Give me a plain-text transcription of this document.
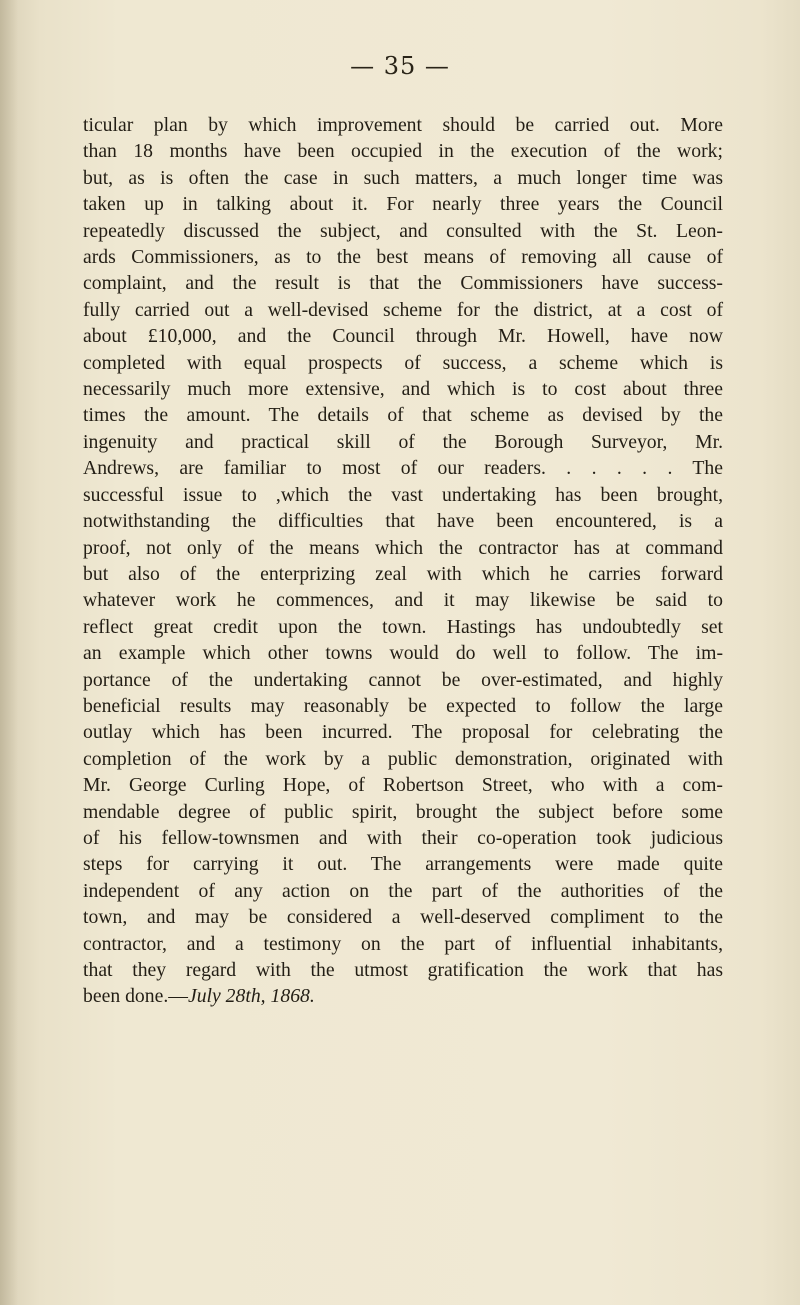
— 35 —
ticular plan by which improvement should be carried out. More
than 18 months have been occupied in the execution of the work;
but, as is often the case in such matters, a much longer time was
taken up in talking about it. For nearly three years the Council
repeatedly discussed the subject, and consulted with the St. Leon-
ards Commissioners, as to the best means of removing all cause of
complaint, and the result is that the Commissioners have success-
fully carried out a well-devised scheme for the district, at a cost of
about £10,000, and the Council through Mr. Howell, have now
completed with equal prospects of success, a scheme which is
necessarily much more extensive, and which is to cost about three
times the amount. The details of that scheme as devised by the
ingenuity and practical skill of the Borough Surveyor, Mr.
Andrews, are familiar to most of our readers. . . . . . The
successful issue to ,which the vast undertaking has been brought,
notwithstanding the difficulties that have been encountered, is a
proof, not only of the means which the contractor has at command
but also of the enterprizing zeal with which he carries forward
whatever work he commences, and it may likewise be said to
reflect great credit upon the town. Hastings has undoubtedly set
an example which other towns would do well to follow. The im-
portance of the undertaking cannot be over-estimated, and highly
beneficial results may reasonably be expected to follow the large
outlay which has been incurred. The proposal for celebrating the
completion of the work by a public demonstration, originated with
Mr. George Curling Hope, of Robertson Street, who with a com-
mendable degree of public spirit, brought the subject before some
of his fellow-townsmen and with their co-operation took judicious
steps for carrying it out. The arrangements were made quite
independent of any action on the part of the authorities of the
town, and may be considered a well-deserved compliment to the
contractor, and a testimony on the part of influential inhabitants,
that they regard with the utmost gratification the work that has
been done.—July 28th, 1868.
